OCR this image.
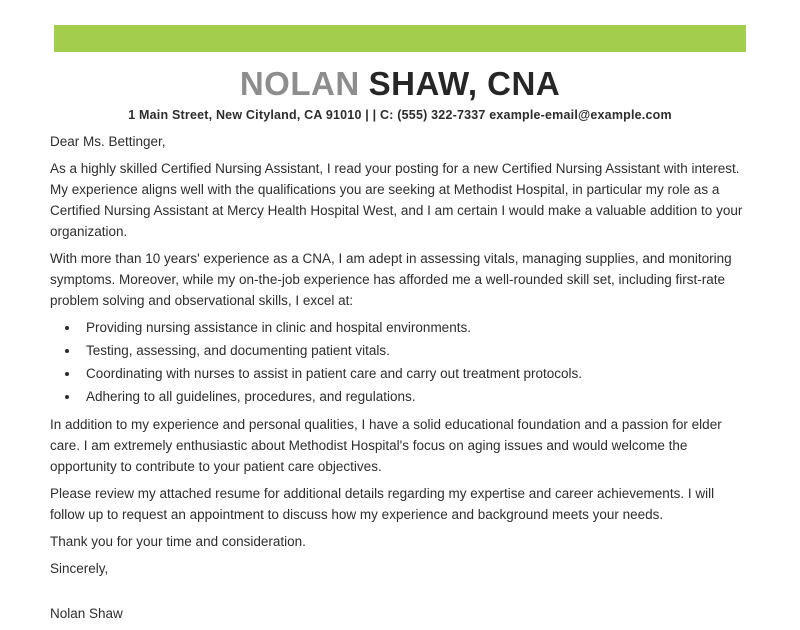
NOLAN SHAW, CNA
1 Main Street, New Cityland, CA 91010 | | C: (555) 322-7337 example-email@example.com

Dear Ms. Bettinger,

As a highly skilled Certified Nursing Assistant, I read your posting for a new Certified Nursing Assistant with interest. My experience aligns well with the qualifications you are seeking at Methodist Hospital, in particular my role as a Certified Nursing Assistant at Mercy Health Hospital West, and I am certain I would make a valuable addition to your organization.

With more than 10 years' experience as a CNA, I am adept in assessing vitals, managing supplies, and monitoring symptoms. Moreover, while my on-the-job experience has afforded me a well-rounded skill set, including first-rate problem solving and observational skills, I excel at:

• Providing nursing assistance in clinic and hospital environments.
• Testing, assessing, and documenting patient vitals.
• Coordinating with nurses to assist in patient care and carry out treatment protocols.
• Adhering to all guidelines, procedures, and regulations.

In addition to my experience and personal qualities, I have a solid educational foundation and a passion for elder care. I am extremely enthusiastic about Methodist Hospital's focus on aging issues and would welcome the opportunity to contribute to your patient care objectives.

Please review my attached resume for additional details regarding my expertise and career achievements. I will follow up to request an appointment to discuss how my experience and background meets your needs.

Thank you for your time and consideration.

Sincerely,

Nolan Shaw
